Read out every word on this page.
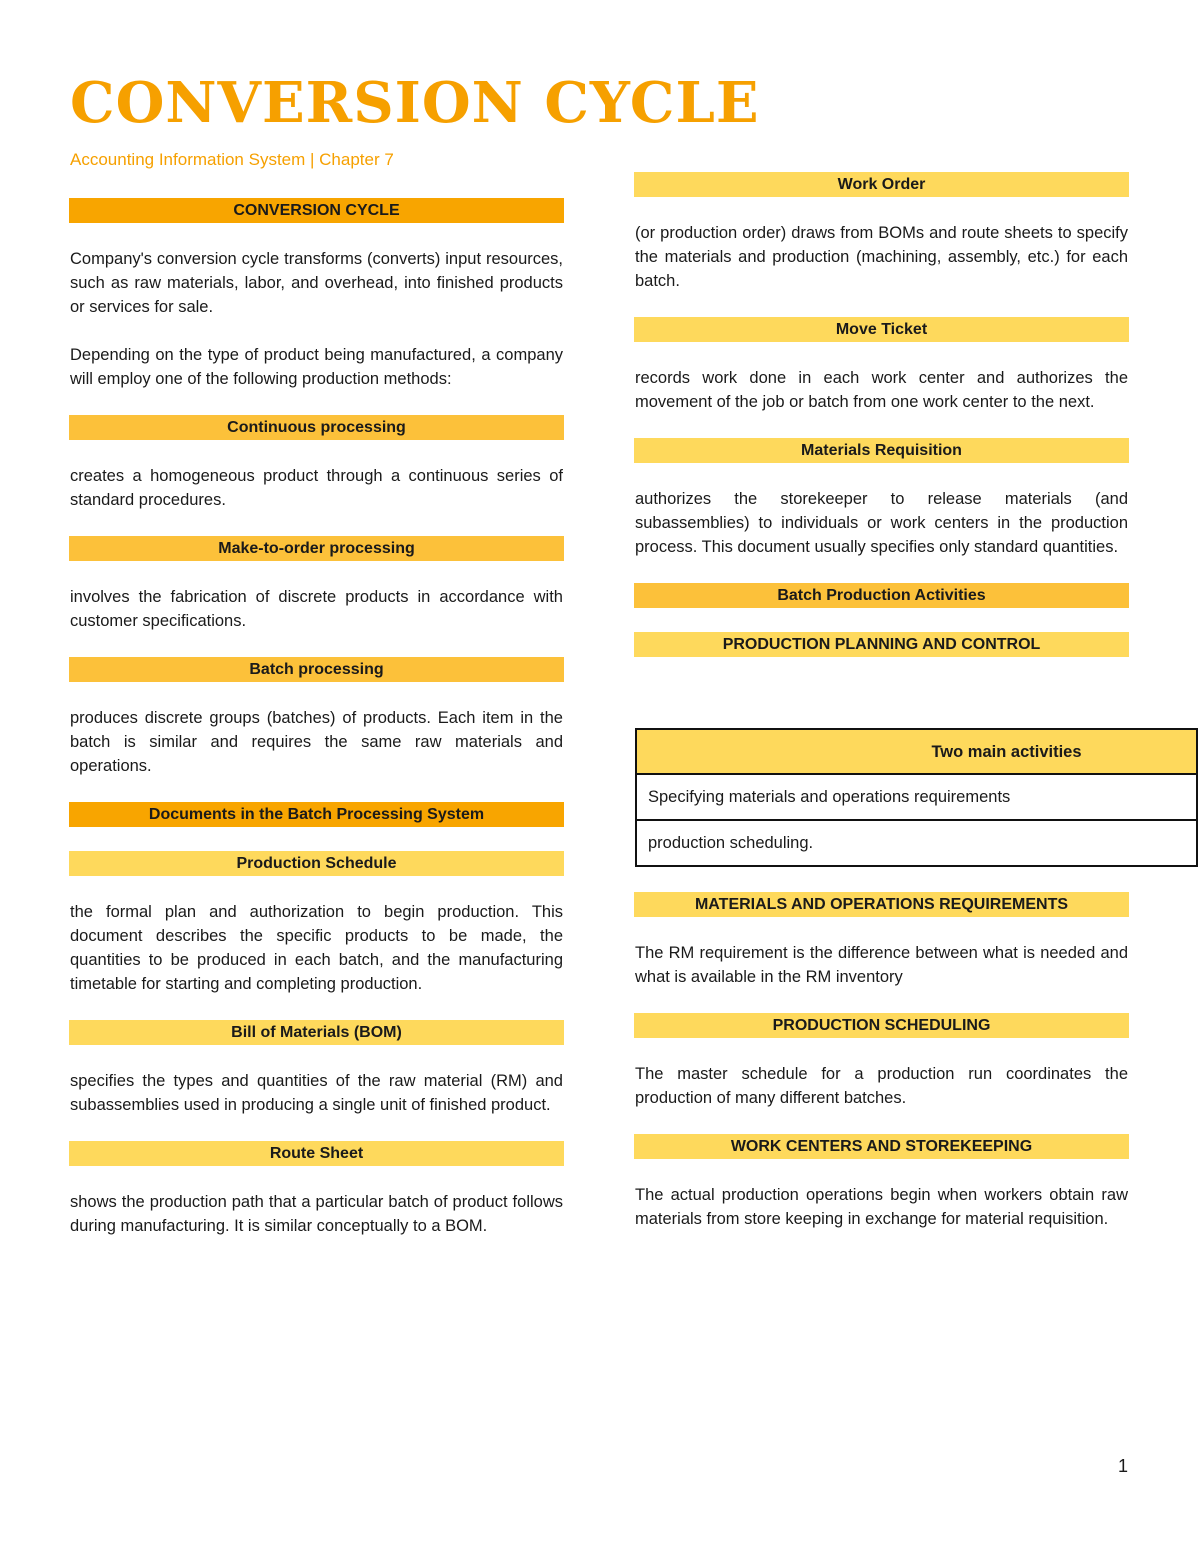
CONVERSION CYCLE
Accounting Information System | Chapter 7
CONVERSION CYCLE

Company's conversion cycle transforms (converts) input resources, such as raw materials, labor, and overhead, into finished products or services for sale.

Depending on the type of product being manufactured, a company will employ one of the following production methods:

Continuous processing

creates a homogeneous product through a continuous series of standard procedures.

Make-to-order processing

involves the fabrication of discrete products in accordance with customer specifications.

Batch processing

produces discrete groups (batches) of products. Each item in the batch is similar and requires the same raw materials and operations.

Documents in the Batch Processing System
Production Schedule

the formal plan and authorization to begin production. This document describes the specific products to be made, the quantities to be produced in each batch, and the manufacturing timetable for starting and completing production.

Bill of Materials (BOM)

specifies the types and quantities of the raw material (RM) and subassemblies used in producing a single unit of finished product.

Route Sheet

shows the production path that a particular batch of product follows during manufacturing. It is similar conceptually to a BOM.

Work Order

(or production order) draws from BOMs and route sheets to specify the materials and production (machining, assembly, etc.) for each batch.

Move Ticket

records work done in each work center and authorizes the movement of the job or batch from one work center to the next.

Materials Requisition

authorizes the storekeeper to release materials (and subassemblies) to individuals or work centers in the production process. This document usually specifies only standard quantities.

Batch Production Activities
PRODUCTION PLANNING AND CONTROL
Two main activities
Specifying materials and operations requirements
production scheduling.
MATERIALS AND OPERATIONS REQUIREMENTS

The RM requirement is the difference between what is needed and what is available in the RM inventory

PRODUCTION SCHEDULING

The master schedule for a production run coordinates the production of many different batches.

WORK CENTERS AND STOREKEEPING

The actual production operations begin when workers obtain raw materials from store keeping in exchange for material requisition.

1
